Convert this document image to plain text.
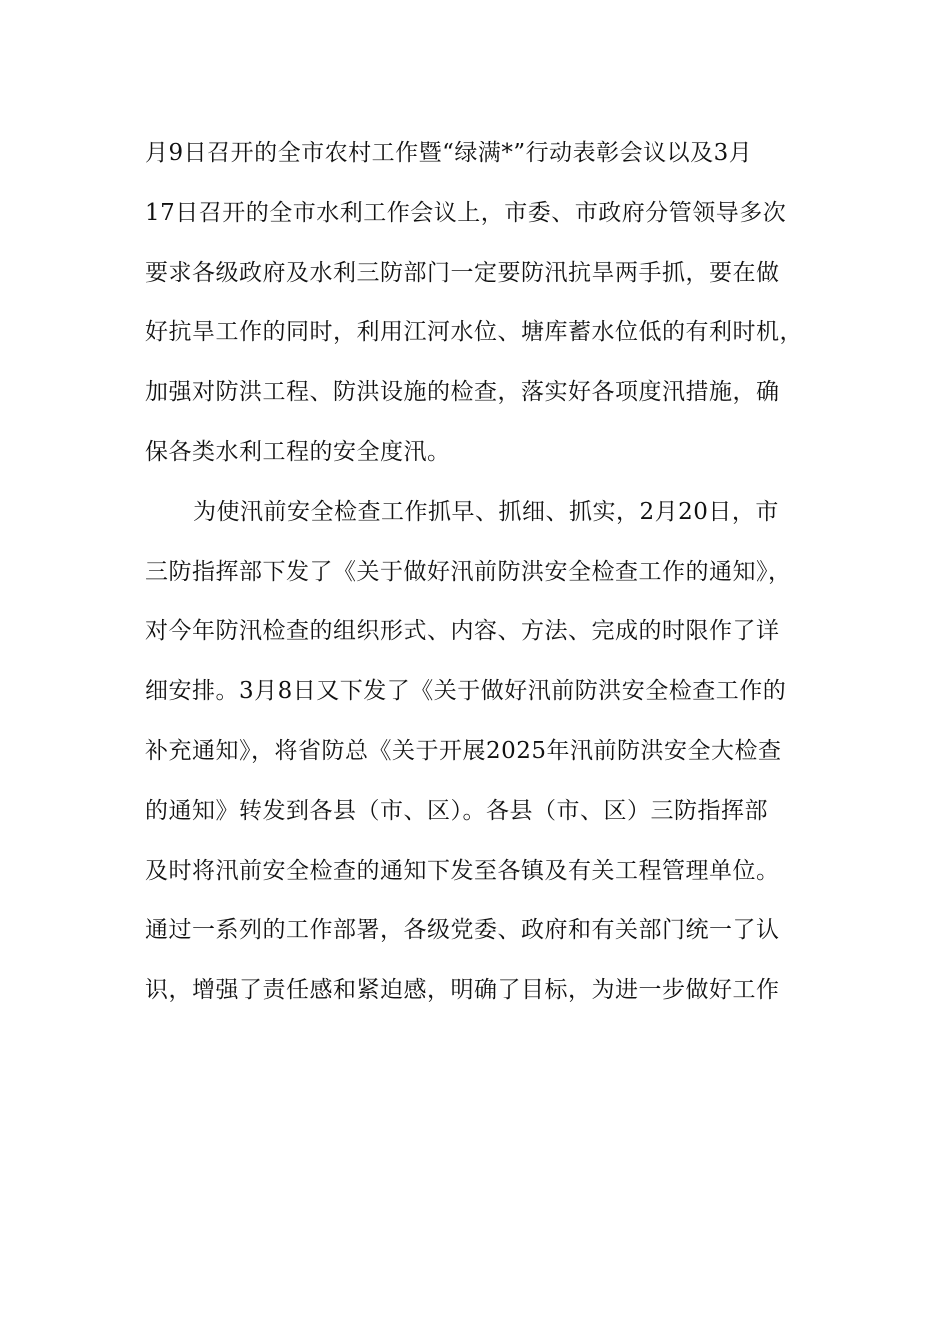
月9日召开的全市农村工作暨“绿满*”行动表彰会议以及3月
17日召开的全市水利工作会议上，市委、市政府分管领导多次
要求各级政府及水利三防部门一定要防汛抗旱两手抓，要在做
好抗旱工作的同时，利用江河水位、塘库蓄水位低的有利时机，
加强对防洪工程、防洪设施的检查，落实好各项度汛措施，确
保各类水利工程的安全度汛。
为使汛前安全检查工作抓早、抓细、抓实，2月20日，市
三防指挥部下发了《关于做好汛前防洪安全检查工作的通知》，
对今年防汛检查的组织形式、内容、方法、完成的时限作了详
细安排。3月8日又下发了《关于做好汛前防洪安全检查工作的
补充通知》，将省防总《关于开展2025年汛前防洪安全大检查
的通知》转发到各县（市、区）。各县（市、区）三防指挥部
及时将汛前安全检查的通知下发至各镇及有关工程管理单位。
通过一系列的工作部署，各级党委、政府和有关部门统一了认
识，增强了责任感和紧迫感，明确了目标，为进一步做好工作
